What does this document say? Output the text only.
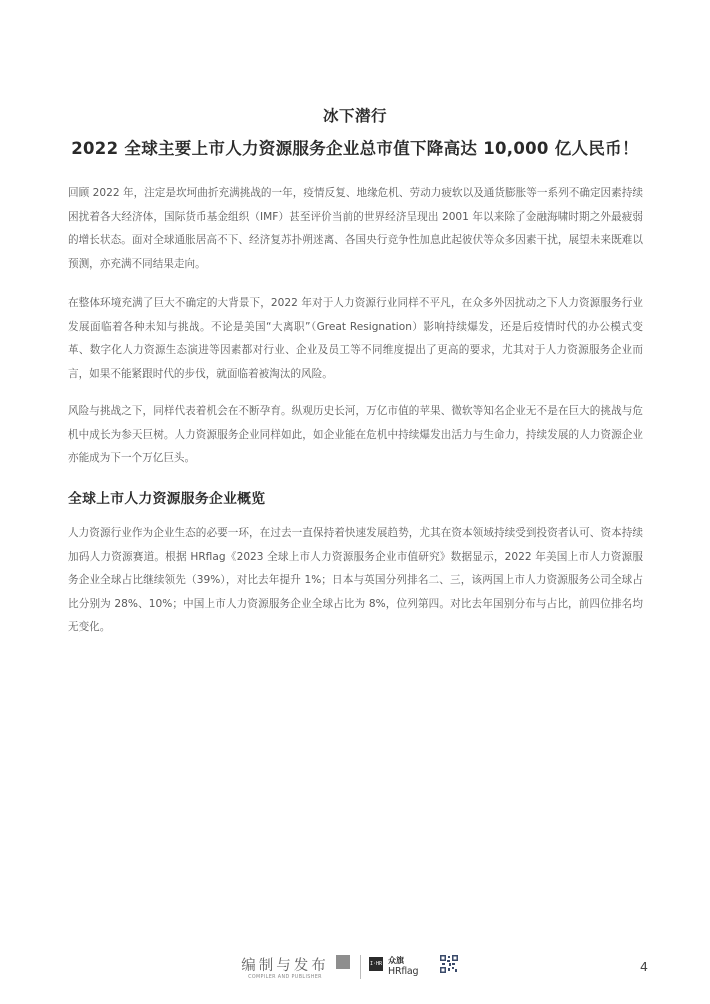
冰下潜行
2022 全球主要上市人力资源服务企业总市值下降高达 10,000 亿人民币！

回顾 2022 年，注定是坎坷曲折充满挑战的一年，疫情反复、地缘危机、劳动力疲软以及通货膨胀等一系列不确定因素持续困扰着各大经济体，国际货币基金组织（IMF）甚至评价当前的世界经济呈现出 2001 年以来除了金融海啸时期之外最疲弱的增长状态。面对全球通胀居高不下、经济复苏扑朔迷离、各国央行竞争性加息此起彼伏等众多因素干扰，展望未来既难以预测，亦充满不同结果走向。

在整体环境充满了巨大不确定的大背景下，2022 年对于人力资源行业同样不平凡，在众多外因扰动之下人力资源服务行业发展面临着各种未知与挑战。不论是美国“大离职”（Great Resignation）影响持续爆发，还是后疫情时代的办公模式变革、数字化人力资源生态演进等因素都对行业、企业及员工等不同维度提出了更高的要求，尤其对于人力资源服务企业而言，如果不能紧跟时代的步伐，就面临着被淘汰的风险。

风险与挑战之下，同样代表着机会在不断孕育。纵观历史长河，万亿市值的苹果、微软等知名企业无不是在巨大的挑战与危机中成长为参天巨树。人力资源服务企业同样如此，如企业能在危机中持续爆发出活力与生命力，持续发展的人力资源企业亦能成为下一个万亿巨头。

全球上市人力资源服务企业概览

人力资源行业作为企业生态的必要一环，在过去一直保持着快速发展趋势，尤其在资本领域持续受到投资者认可、资本持续加码人力资源赛道。根据 HRflag《2023 全球上市人力资源服务企业市值研究》数据显示，2022 年美国上市人力资源服务企业全球占比继续领先（39%），对比去年提升 1%；日本与英国分列排名二、三，该两国上市人力资源服务公司全球占比分别为 28%、10%；中国上市人力资源服务企业全球占比为 8%，位列第四。对比去年国别分布与占比，前四位排名均无变化。

编制与发布
COMPILER AND PUBLISHER
I·HR 众旗
HRflag	4
